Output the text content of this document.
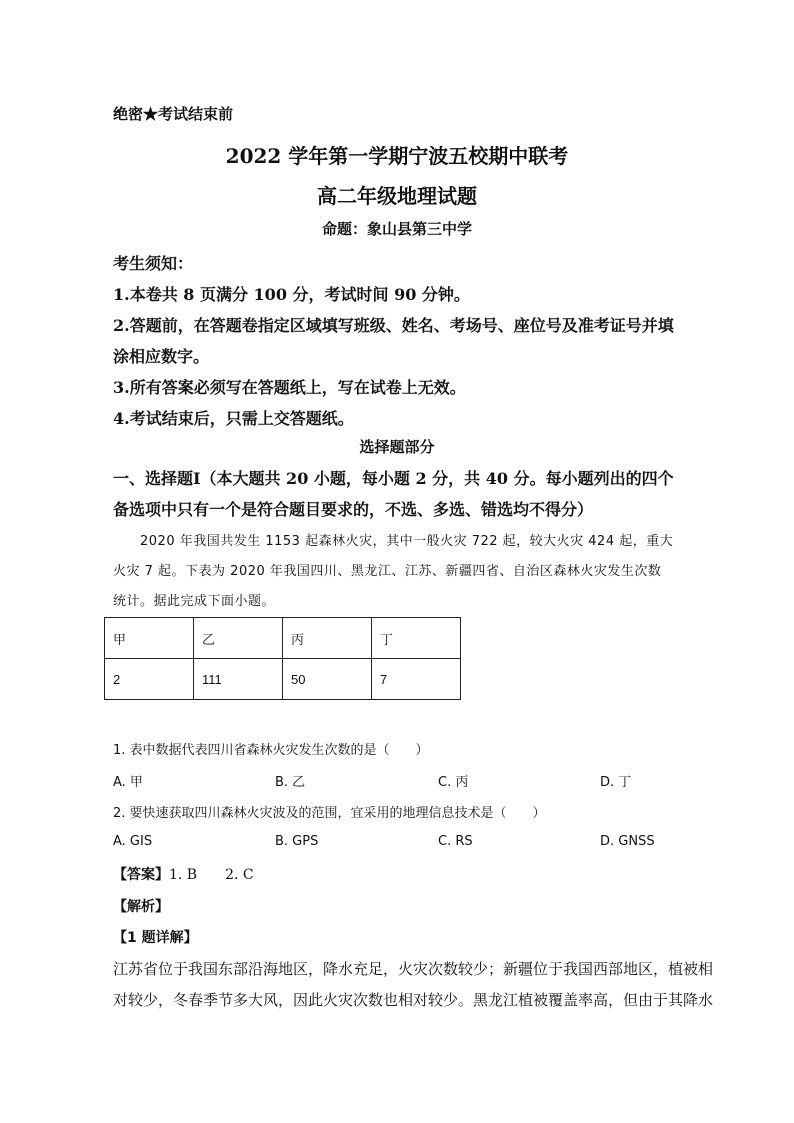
绝密★考试结束前
2022 学年第一学期宁波五校期中联考
高二年级地理试题
命题：象山县第三中学
考生须知：
1.本卷共 8 页满分 100 分，考试时间 90 分钟。
2.答题前，在答题卷指定区域填写班级、姓名、考场号、座位号及准考证号并填
涂相应数字。
3.所有答案必须写在答题纸上，写在试卷上无效。
4.考试结束后，只需上交答题纸。
选择题部分
一、选择题Ⅰ（本大题共 20 小题，每小题 2 分，共 40 分。每小题列出的四个
备选项中只有一个是符合题目要求的，不选、多选、错选均不得分）
　　2020 年我国共发生 1153 起森林火灾，其中一般火灾 722 起，较大火灾 424 起，重大
火灾 7 起。下表为 2020 年我国四川、黑龙江、江苏、新疆四省、自治区森林火灾发生次数
统计。据此完成下面小题。
甲	乙	丙	丁
2	111	50	7
1. 表中数据代表四川省森林火灾发生次数的是（　　）
A. 甲	B. 乙	C. 丙	D. 丁
2. 要快速获取四川森林火灾波及的范围，宜采用的地理信息技术是（　　）
A. GIS	B. GPS	C. RS	D. GNSS
【答案】1. B　　2. C
【解析】
【1 题详解】
江苏省位于我国东部沿海地区，降水充足，火灾次数较少；新疆位于我国西部地区，植被相
对较少，冬春季节多大风，因此火灾次数也相对较少。黑龙江植被覆盖率高，但由于其降水
